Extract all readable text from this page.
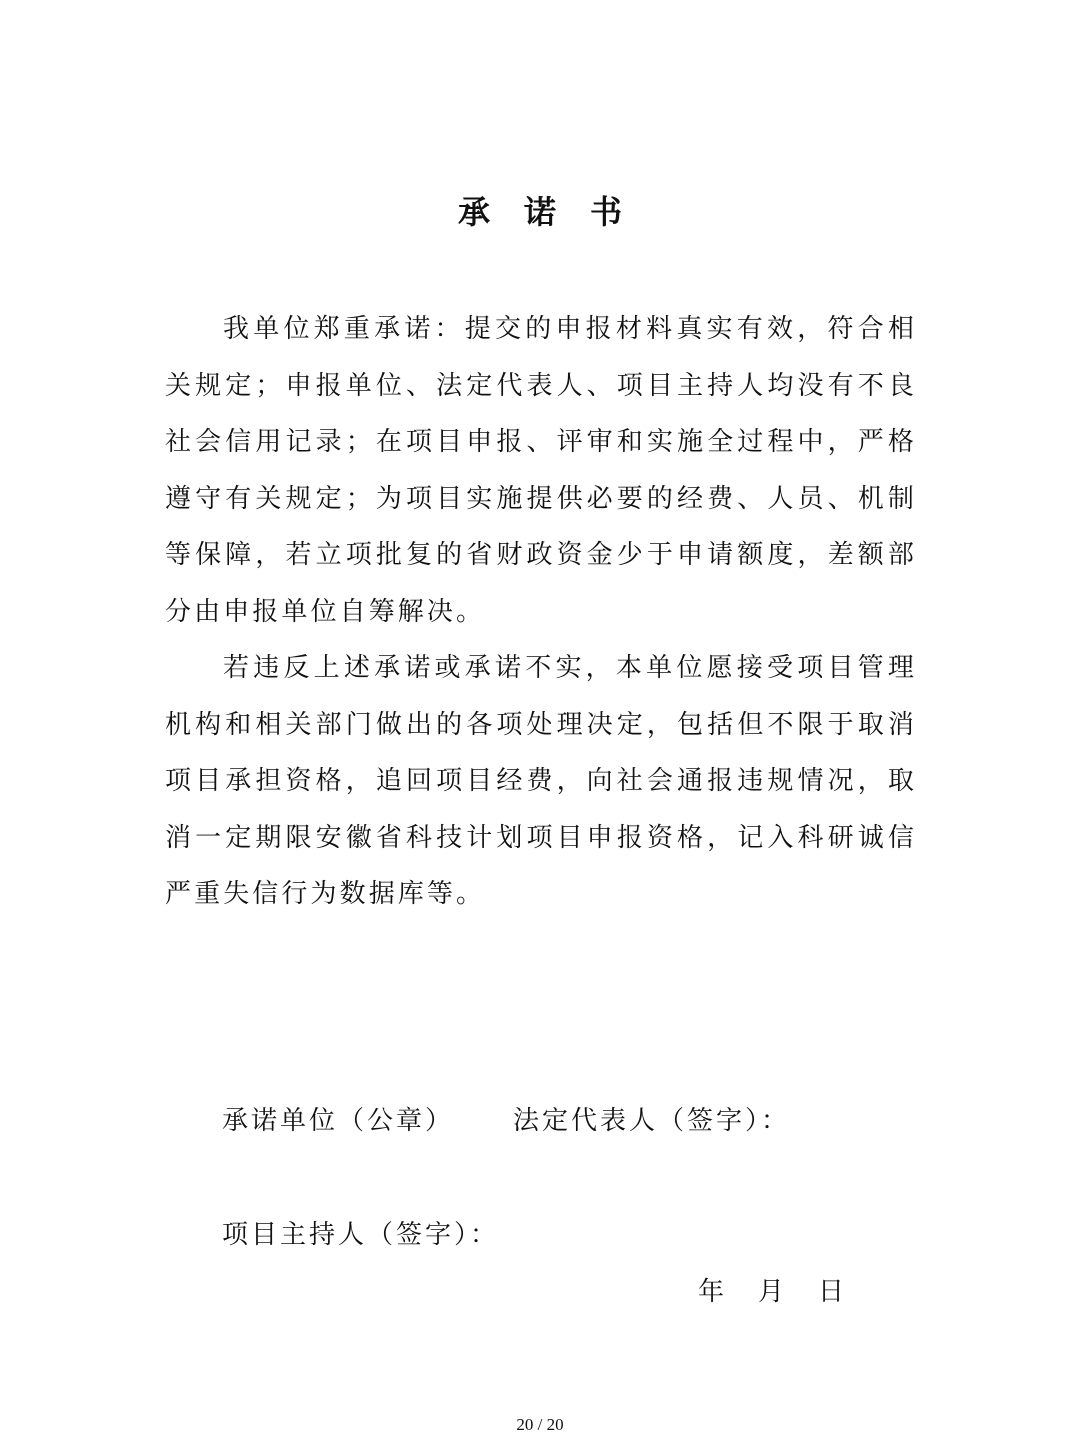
承诺书

我单位郑重承诺：提交的申报材料真实有效，符合相关规定；申报单位、法定代表人、项目主持人均没有不良社会信用记录；在项目申报、评审和实施全过程中，严格遵守有关规定；为项目实施提供必要的经费、人员、机制等保障，若立项批复的省财政资金少于申请额度，差额部分由申报单位自筹解决。

若违反上述承诺或承诺不实，本单位愿接受项目管理机构和相关部门做出的各项处理决定，包括但不限于取消项目承担资格，追回项目经费，向社会通报违规情况，取消一定期限安徽省科技计划项目申报资格，记入科研诚信严重失信行为数据库等。

承诺单位（公章） 法定代表人（签字）：
项目主持人（签字）：
年 月 日
20 / 20
